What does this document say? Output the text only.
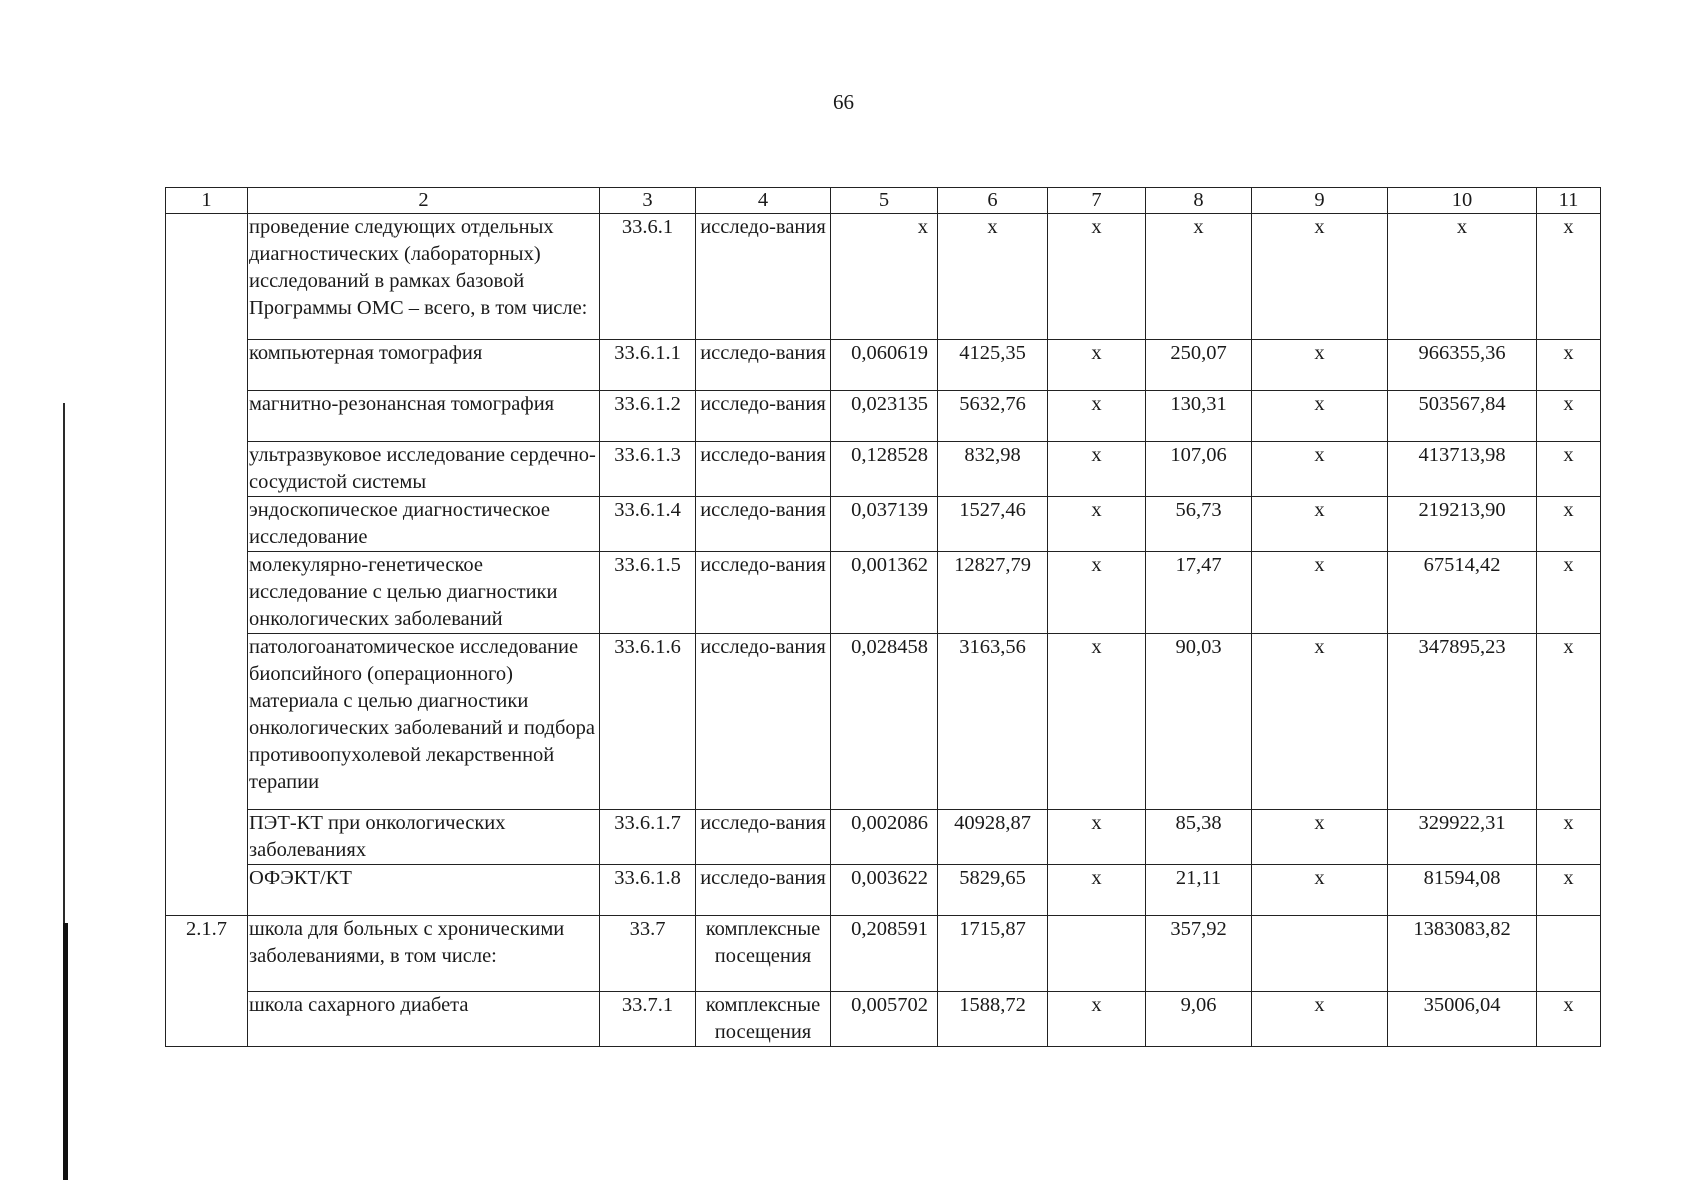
66
1	2	3	4	5	6	7	8	9	10	11
	проведение следующих отдельных диагностических (лабораторных) исследований в рамках базовой Программы ОМС – всего, в том числе:	33.6.1	исследо-вания	х	х	х	х	х	х	х
	компьютерная томография	33.6.1.1	исследо-вания	0,060619	4125,35	х	250,07	х	966355,36	х
	магнитно-резонансная томография	33.6.1.2	исследо-вания	0,023135	5632,76	х	130,31	х	503567,84	х
	ультразвуковое исследование сердечно-сосудистой системы	33.6.1.3	исследо-вания	0,128528	832,98	х	107,06	х	413713,98	х
	эндоскопическое диагностическое исследование	33.6.1.4	исследо-вания	0,037139	1527,46	х	56,73	х	219213,90	х
	молекулярно-генетическое исследование с целью диагностики онкологических заболеваний	33.6.1.5	исследо-вания	0,001362	12827,79	х	17,47	х	67514,42	х
	патологоанатомическое исследование биопсийного (операционного) материала с целью диагностики онкологических заболеваний и подбора противоопухолевой лекарственной терапии	33.6.1.6	исследо-вания	0,028458	3163,56	х	90,03	х	347895,23	х
	ПЭТ-КТ при онкологических заболеваниях	33.6.1.7	исследо-вания	0,002086	40928,87	х	85,38	х	329922,31	х
	ОФЭКТ/КТ	33.6.1.8	исследо-вания	0,003622	5829,65	х	21,11	х	81594,08	х
2.1.7	школа для больных с хроническими заболеваниями, в том числе:	33.7	комплексные посещения	0,208591	1715,87		357,92		1383083,82	
	школа сахарного диабета	33.7.1	комплексные посещения	0,005702	1588,72	х	9,06	х	35006,04	х
